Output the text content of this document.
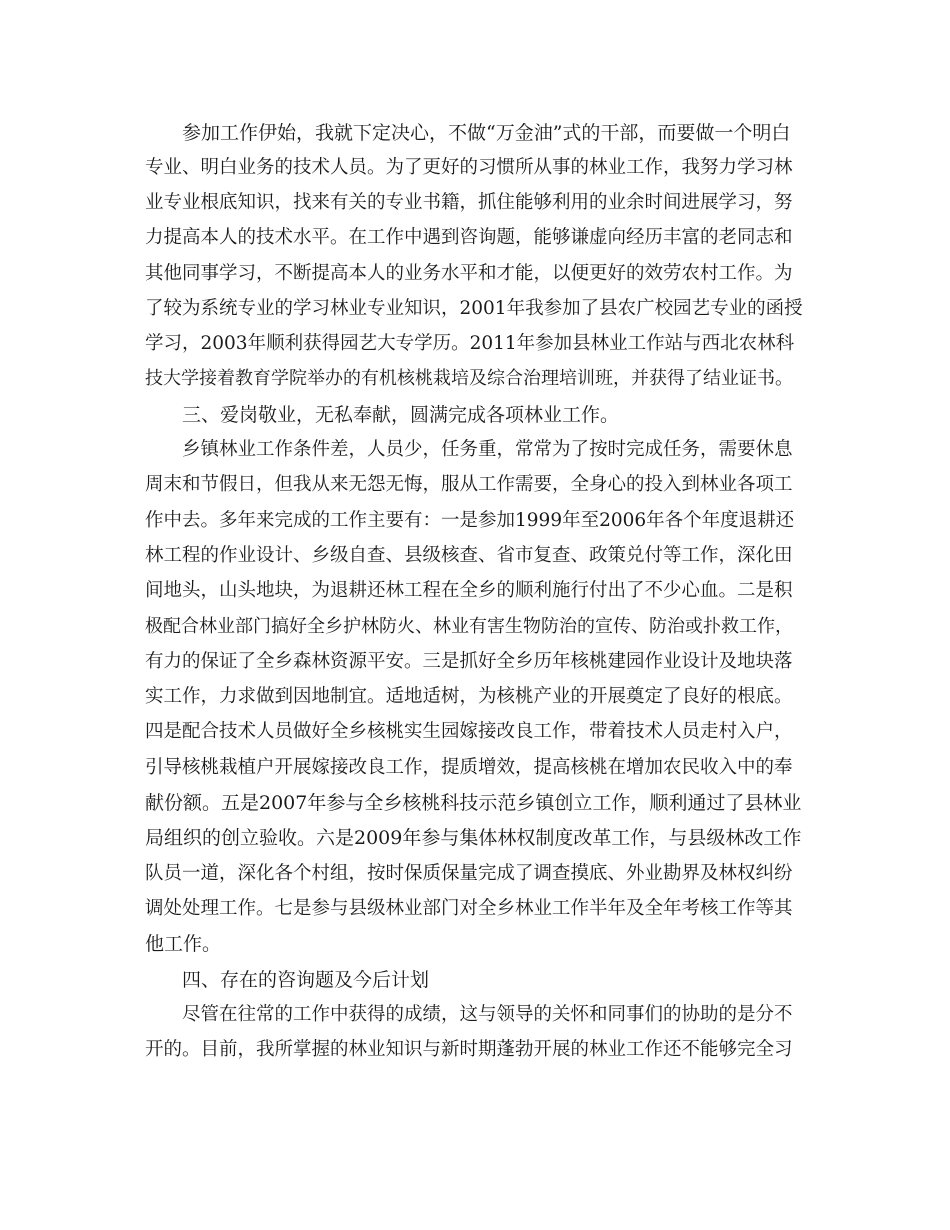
参加工作伊始，我就下定决心，不做“万金油”式的干部，而要做一个明白
专业、明白业务的技术人员。为了更好的习惯所从事的林业工作，我努力学习林
业专业根底知识，找来有关的专业书籍，抓住能够利用的业余时间进展学习，努
力提高本人的技术水平。在工作中遇到咨询题，能够谦虚向经历丰富的老同志和
其他同事学习，不断提高本人的业务水平和才能，以便更好的效劳农村工作。为
了较为系统专业的学习林业专业知识，2001年我参加了县农广校园艺专业的函授
学习，2003年顺利获得园艺大专学历。2011年参加县林业工作站与西北农林科
技大学接着教育学院举办的有机核桃栽培及综合治理培训班，并获得了结业证书。
三、爱岗敬业，无私奉献，圆满完成各项林业工作。
乡镇林业工作条件差，人员少，任务重，常常为了按时完成任务，需要休息
周末和节假日，但我从来无怨无悔，服从工作需要，全身心的投入到林业各项工
作中去。多年来完成的工作主要有：一是参加1999年至2006年各个年度退耕还
林工程的作业设计、乡级自查、县级核查、省市复查、政策兑付等工作，深化田
间地头，山头地块，为退耕还林工程在全乡的顺利施行付出了不少心血。二是积
极配合林业部门搞好全乡护林防火、林业有害生物防治的宣传、防治或扑救工作，
有力的保证了全乡森林资源平安。三是抓好全乡历年核桃建园作业设计及地块落
实工作，力求做到因地制宜。适地适树，为核桃产业的开展奠定了良好的根底。
四是配合技术人员做好全乡核桃实生园嫁接改良工作，带着技术人员走村入户，
引导核桃栽植户开展嫁接改良工作，提质增效，提高核桃在增加农民收入中的奉
献份额。五是2007年参与全乡核桃科技示范乡镇创立工作，顺利通过了县林业
局组织的创立验收。六是2009年参与集体林权制度改革工作，与县级林改工作
队员一道，深化各个村组，按时保质保量完成了调查摸底、外业勘界及林权纠纷
调处处理工作。七是参与县级林业部门对全乡林业工作半年及全年考核工作等其
他工作。
四、存在的咨询题及今后计划
尽管在往常的工作中获得的成绩，这与领导的关怀和同事们的协助的是分不
开的。目前，我所掌握的林业知识与新时期蓬勃开展的林业工作还不能够完全习
